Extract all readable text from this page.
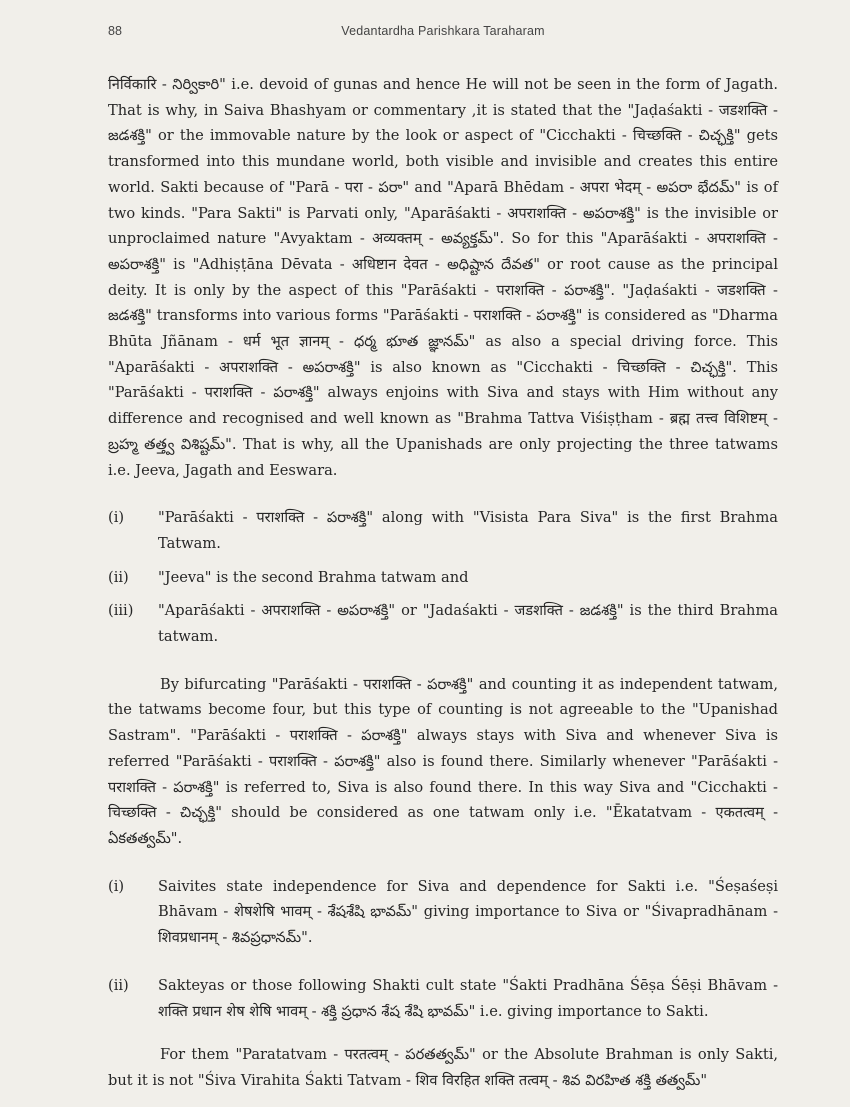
88	Vedantardha Parishkara Taraharam

निर्विकारि - నిర్వికారి" i.e. devoid of gunas and hence He will not be seen in the form of Jagath. That is why, in Saiva Bhashyam or commentary ,it is stated that the "Jaḍaśakti - जडशक्ति - జడశక్తి" or the immovable nature by the look or aspect of "Cicchakti - चिच्छक्ति - చిచ్ఛక్తి" gets transformed into this mundane world, both visible and invisible and creates this entire world. Sakti because of "Parā - परा - పరా" and "Aparā Bhēdam - अपरा भेदम् - అపరా భేదమ్" is of two kinds. "Para Sakti" is Parvati only, "Aparāśakti - अपराशक्ति - అపరాశక్తి" is the invisible or unproclaimed nature "Avyaktam - अव्यक्तम् - అవ్యక్తమ్". So for this "Aparāśakti - अपराशक्ति - అపరాశక్తి" is "Adhiṣṭāna Dēvata - अधिष्टान देवत - అధిష్టాన దేవత" or root cause as the principal deity. It is only by the aspect of this "Parāśakti - पराशक्ति - పరాశక్తి". "Jaḍaśakti - जडशक्ति - జడశక్తి" transforms into various forms "Parāśakti - पराशक्ति - పరాశక్తి" is considered as "Dharma Bhūta Jñānam - धर्म भूत ज्ञानम् - ధర్మ భూత జ్ఞానమ్" as also a special driving force. This "Aparāśakti - अपराशक्ति - అపరాశక్తి" is also known as "Cicchakti - चिच्छक्ति - చిచ్ఛక్తి". This "Parāśakti - पराशक्ति - పరాశక్తి" always enjoins with Siva and stays with Him without any difference and recognised and well known as "Brahma Tattva Viśiṣṭham - ब्रह्म तत्त्व विशिष्टम् - బ్రహ్మ తత్త్వ విశిష్టమ్". That is why, all the Upanishads are only projecting the three tatwams i.e. Jeeva, Jagath and Eeswara.

(i)	"Parāśakti - पराशक्ति - పరాశక్తి" along with "Visista Para Siva" is the first Brahma Tatwam.
(ii)	"Jeeva" is the second Brahma tatwam and
(iii)	"Aparāśakti - अपराशक्ति - అపరాశక్తి" or "Jadaśakti - जडशक्ति - జడశక్తి" is the third Brahma tatwam.

By bifurcating "Parāśakti - पराशक्ति - పరాశక్తి" and counting it as independent tatwam, the tatwams become four, but this type of counting is not agreeable to the "Upanishad Sastram". "Parāśakti - पराशक्ति - పరాశక్తి" always stays with Siva and whenever Siva is referred "Parāśakti - पराशक्ति - పరాశక్తి" also is found there. Similarly whenever "Parāśakti - पराशक्ति - పరాశక్తి" is referred to, Siva is also found there. In this way Siva and "Cicchakti - चिच्छक्ति - చిచ్ఛక్తి" should be considered as one tatwam only i.e. "Ēkatatvam - एकतत्वम् - ఏకతత్వమ్".

(i)	Saivites state independence for Siva and dependence for Sakti i.e. "Śeṣaśeṣi Bhāvam - शेषशेषि भावम् - శేషశేషి భావమ్" giving importance to Siva or "Śivapradhānam - शिवप्रधानम् - శివప్రధానమ్".
(ii)	Sakteyas or those following Shakti cult state "Śakti Pradhāna Śēṣa Śēṣi Bhāvam - शक्ति प्रधान शेष शेषि भावम् - శక్తి ప్రధాన శేష శేషి భావమ్" i.e. giving importance to Sakti.

For them "Paratatvam - परतत्वम् - పరతత్వమ్" or the Absolute Brahman is only Sakti, but it is not "Śiva Virahita Śakti Tatvam - शिव विरहित शक्ति तत्वम् - శివ విరహిత శక్తి తత్వమ్"
